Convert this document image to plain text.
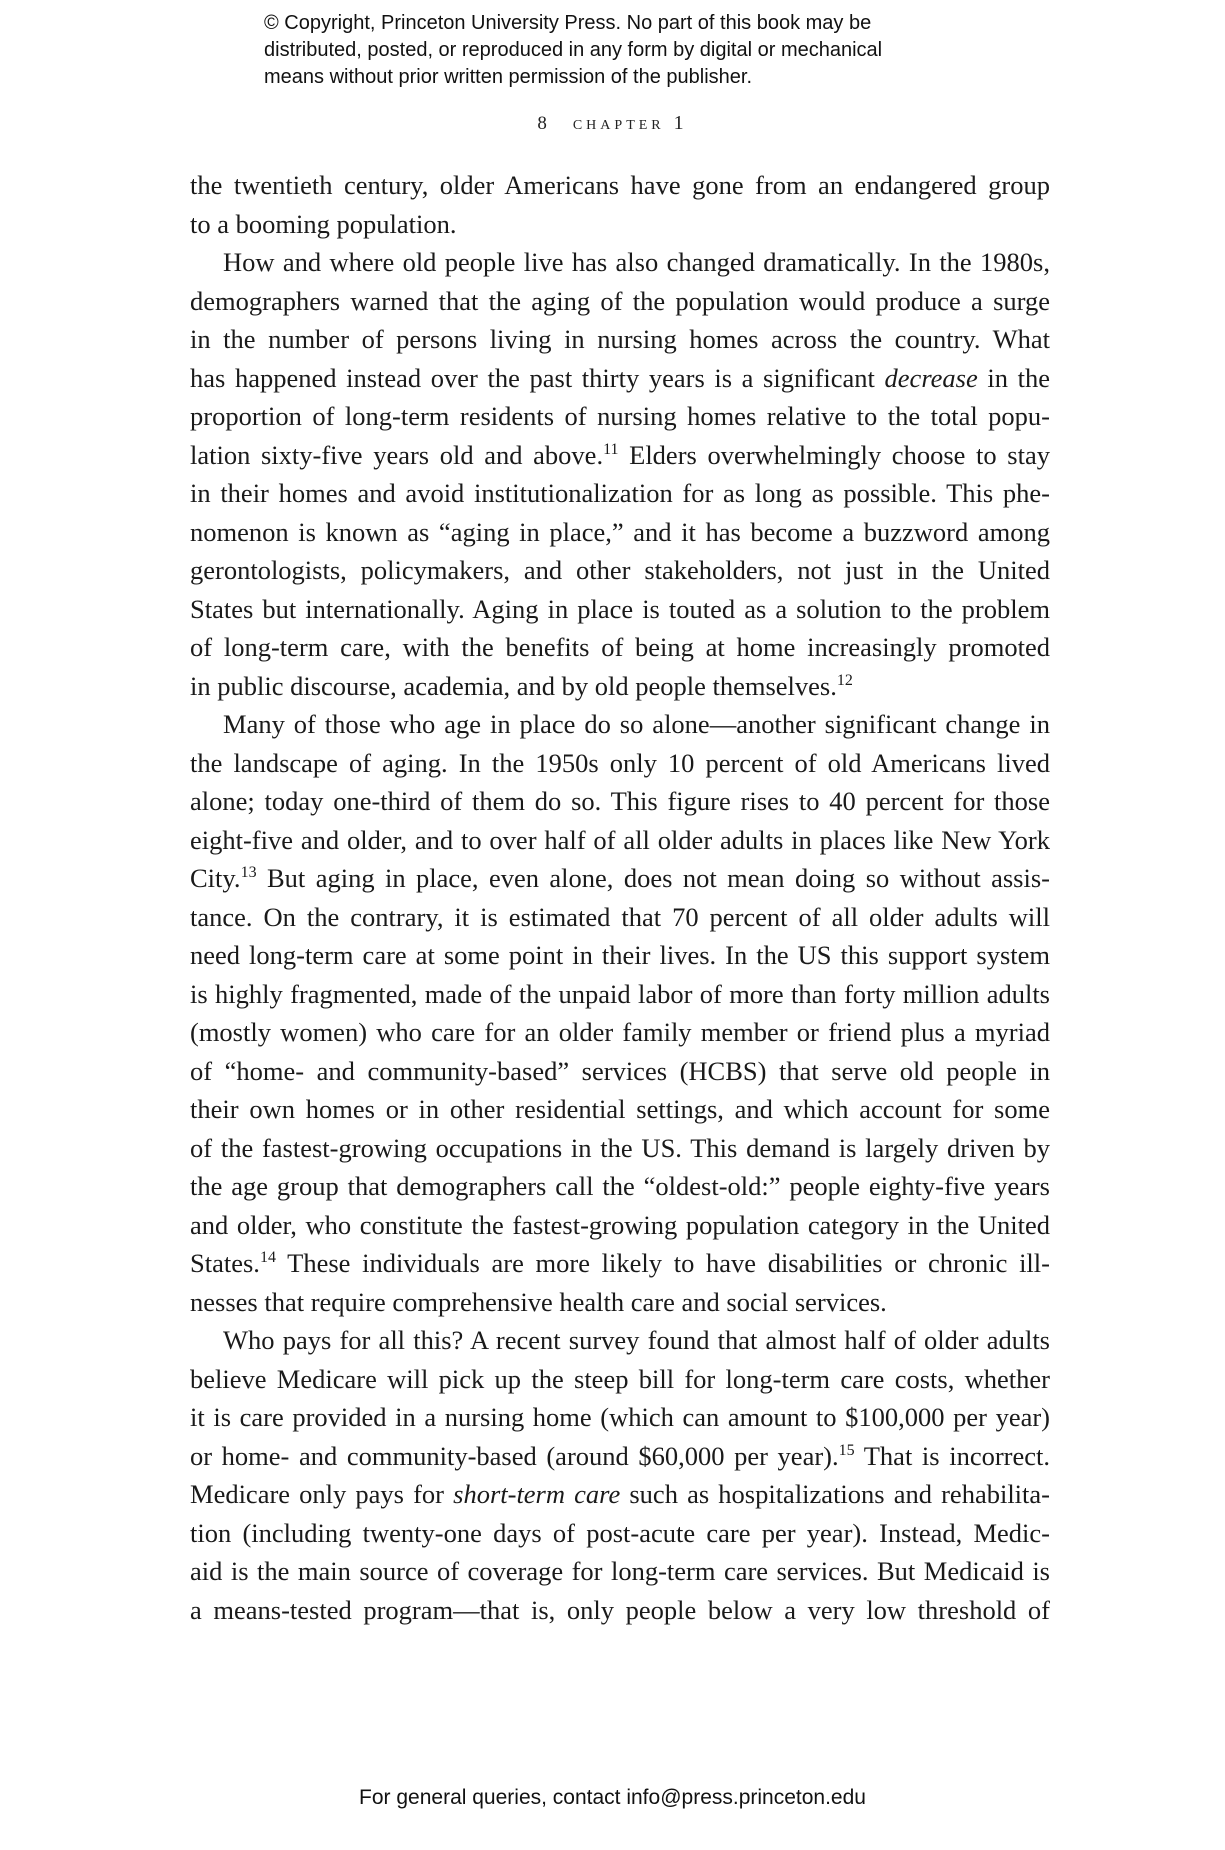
© Copyright, Princeton University Press. No part of this book may be
distributed, posted, or reproduced in any form by digital or mechanical
means without prior written permission of the publisher.
8 chapter 1
the twentieth century, older Americans have gone from an endangered group
to a booming population.
How and where old people live has also changed dramatically. In the 1980s,
demographers warned that the aging of the population would produce a surge
in the number of persons living in nursing homes across the country. What
has happened instead over the past thirty years is a significant decrease in the
proportion of long-term residents of nursing homes relative to the total popu-
lation sixty-five years old and above.$^{11}$ Elders overwhelmingly choose to stay
in their homes and avoid institutionalization for as long as possible. This phe-
nomenon is known as “aging in place,” and it has become a buzzword among
gerontologists, policymakers, and other stakeholders, not just in the United
States but internationally. Aging in place is touted as a solution to the problem
of long-term care, with the benefits of being at home increasingly promoted
in public discourse, academia, and by old people themselves.$^{12}$
Many of those who age in place do so alone—another significant change in
the landscape of aging. In the 1950s only 10 percent of old Americans lived
alone; today one-third of them do so. This figure rises to 40 percent for those
eight-five and older, and to over half of all older adults in places like New York
City.$^{13}$ But aging in place, even alone, does not mean doing so without assis-
tance. On the contrary, it is estimated that 70 percent of all older adults will
need long-term care at some point in their lives. In the US this support system
is highly fragmented, made of the unpaid labor of more than forty million adults
(mostly women) who care for an older family member or friend plus a myriad
of “home- and community-based” services (HCBS) that serve old people in
their own homes or in other residential settings, and which account for some
of the fastest-growing occupations in the US. This demand is largely driven by
the age group that demographers call the “oldest-old:” people eighty-five years
and older, who constitute the fastest-growing population category in the United
States.$^{14}$ These individuals are more likely to have disabilities or chronic ill-
nesses that require comprehensive health care and social services.
Who pays for all this? A recent survey found that almost half of older adults
believe Medicare will pick up the steep bill for long-term care costs, whether
it is care provided in a nursing home (which can amount to $100,000 per year)
or home- and community-based (around $60,000 per year).$^{15}$ That is incorrect.
Medicare only pays for short-term care such as hospitalizations and rehabilita-
tion (including twenty-one days of post-acute care per year). Instead, Medic-
aid is the main source of coverage for long-term care services. But Medicaid is
a means-tested program—that is, only people below a very low threshold of
For general queries, contact info@press.princeton.edu
